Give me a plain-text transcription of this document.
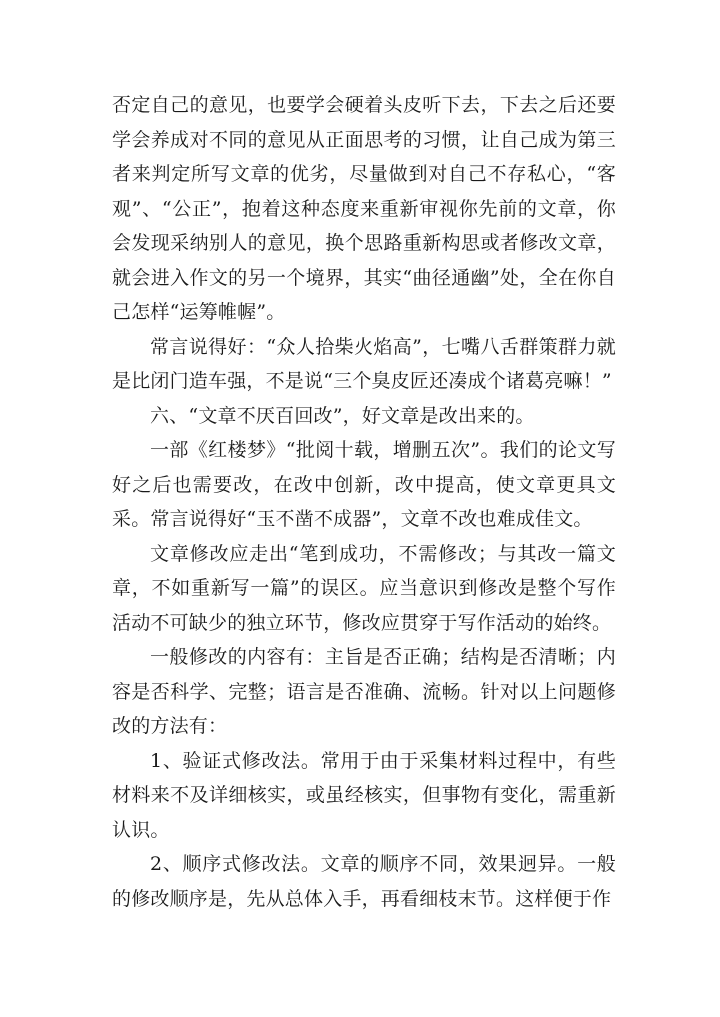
否定自己的意见，也要学会硬着头皮听下去，下去之后还要学会养成对不同的意见从正面思考的习惯，让自己成为第三者来判定所写文章的优劣，尽量做到对自己不存私心，“客观”、“公正”，抱着这种态度来重新审视你先前的文章，你会发现采纳别人的意见，换个思路重新构思或者修改文章，就会进入作文的另一个境界，其实“曲径通幽”处，全在你自己怎样“运筹帷幄”。

常言说得好：“众人拾柴火焰高”，七嘴八舌群策群力就是比闭门造车强，不是说“三个臭皮匠还凑成个诸葛亮嘛！”

六、“文章不厌百回改”，好文章是改出来的。

一部《红楼梦》“批阅十载，增删五次”。我们的论文写好之后也需要改，在改中创新，改中提高，使文章更具文采。常言说得好“玉不凿不成器”，文章不改也难成佳文。

文章修改应走出“笔到成功，不需修改；与其改一篇文章，不如重新写一篇”的误区。应当意识到修改是整个写作活动不可缺少的独立环节，修改应贯穿于写作活动的始终。

一般修改的内容有：主旨是否正确；结构是否清晰；内容是否科学、完整；语言是否准确、流畅。针对以上问题修改的方法有：

1、验证式修改法。常用于由于采集材料过程中，有些材料来不及详细核实，或虽经核实，但事物有变化，需重新认识。

2、顺序式修改法。文章的顺序不同，效果迥异。一般的修改顺序是，先从总体入手，再看细枝末节。这样便于作
